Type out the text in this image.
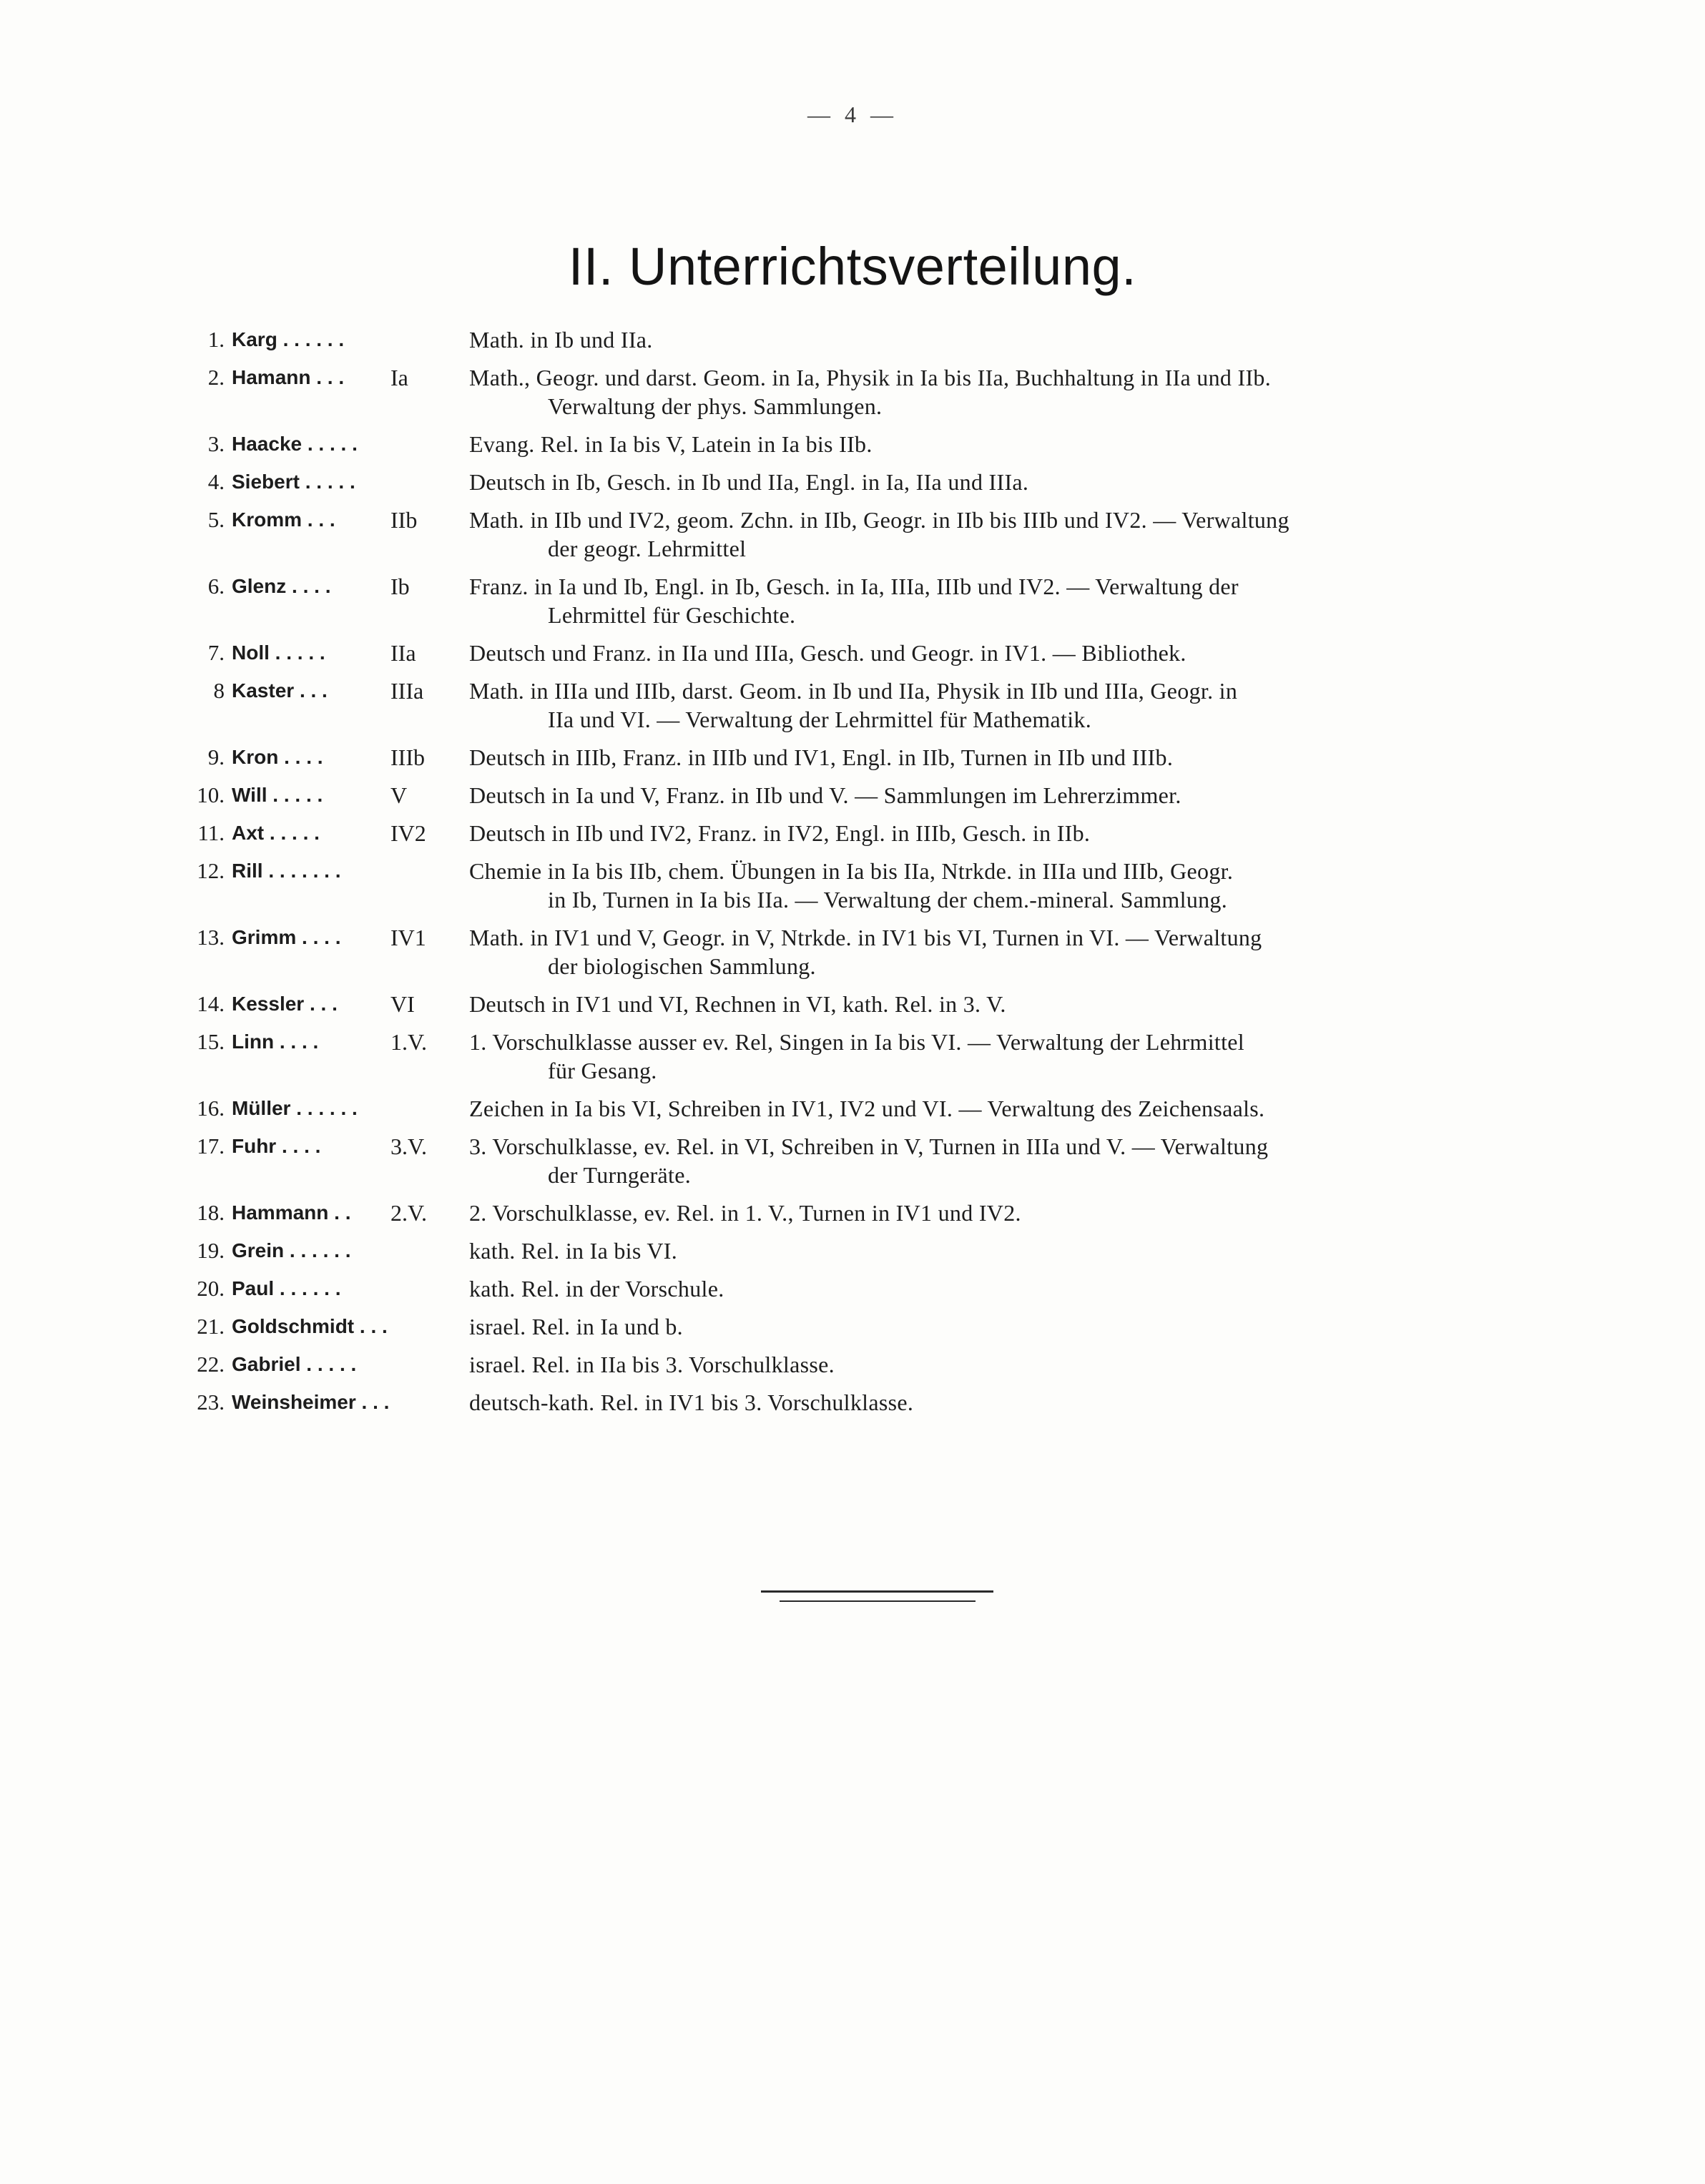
— 4 —
II. Unterrichtsverteilung.
1. Karg . . . . . .	Math. in Ib und IIa.
2. Hamann . . .	Ia	Math., Geogr. und darst. Geom. in Ia, Physik in Ia bis IIa, Buchhaltung in IIa und IIb.
Verwaltung der phys. Sammlungen.
3. Haacke . . . . .	Evang. Rel. in Ia bis V, Latein in Ia bis IIb.
4. Siebert . . . . .	Deutsch in Ib, Gesch. in Ib und IIa, Engl. in Ia, IIa und IIIa.
5. Kromm . . .	IIb	Math. in IIb und IV2, geom. Zchn. in IIb, Geogr. in IIb bis IIIb und IV2. — Verwaltung
der geogr. Lehrmittel
6. Glenz . . . .	Ib	Franz. in Ia und Ib, Engl. in Ib, Gesch. in Ia, IIIa, IIIb und IV2. — Verwaltung der
Lehrmittel für Geschichte.
7. Noll . . . . .	IIa	Deutsch und Franz. in IIa und IIIa, Gesch. und Geogr. in IV1. — Bibliothek.
8 Kaster . . .	IIIa	Math. in IIIa und IIIb, darst. Geom. in Ib und IIa, Physik in IIb und IIIa, Geogr. in
IIa und VI. — Verwaltung der Lehrmittel für Mathematik.
9. Kron . . . .	IIIb	Deutsch in IIIb, Franz. in IIIb und IV1, Engl. in IIb, Turnen in IIb und IIIb.
10. Will . . . . .	V	Deutsch in Ia und V, Franz. in IIb und V. — Sammlungen im Lehrerzimmer.
11. Axt . . . . .	IV2	Deutsch in IIb und IV2, Franz. in IV2, Engl. in IIIb, Gesch. in IIb.
12. Rill . . . . . . .	Chemie in Ia bis IIb, chem. Übungen in Ia bis IIa, Ntrkde. in IIIa und IIIb, Geogr.
in Ib, Turnen in Ia bis IIa. — Verwaltung der chem.-mineral. Sammlung.
13. Grimm . . . .	IV1	Math. in IV1 und V, Geogr. in V, Ntrkde. in IV1 bis VI, Turnen in VI. — Verwaltung
der biologischen Sammlung.
14. Kessler . . .	VI	Deutsch in IV1 und VI, Rechnen in VI, kath. Rel. in 3. V.
15. Linn . . . .	1.V.	1. Vorschulklasse ausser ev. Rel, Singen in Ia bis VI. — Verwaltung der Lehrmittel
für Gesang.
16. Müller . . . . . .	Zeichen in Ia bis VI, Schreiben in IV1, IV2 und VI. — Verwaltung des Zeichensaals.
17. Fuhr . . . .	3.V.	3. Vorschulklasse, ev. Rel. in VI, Schreiben in V, Turnen in IIIa und V. — Verwaltung
der Turngeräte.
18. Hammann . .	2.V.	2. Vorschulklasse, ev. Rel. in 1. V., Turnen in IV1 und IV2.
19. Grein . . . . . .	kath. Rel. in Ia bis VI.
20. Paul . . . . . .	kath. Rel. in der Vorschule.
21. Goldschmidt . . .	israel. Rel. in Ia und b.
22. Gabriel . . . . .	israel. Rel. in IIa bis 3. Vorschulklasse.
23. Weinsheimer . . .	deutsch-kath. Rel. in IV1 bis 3. Vorschulklasse.
